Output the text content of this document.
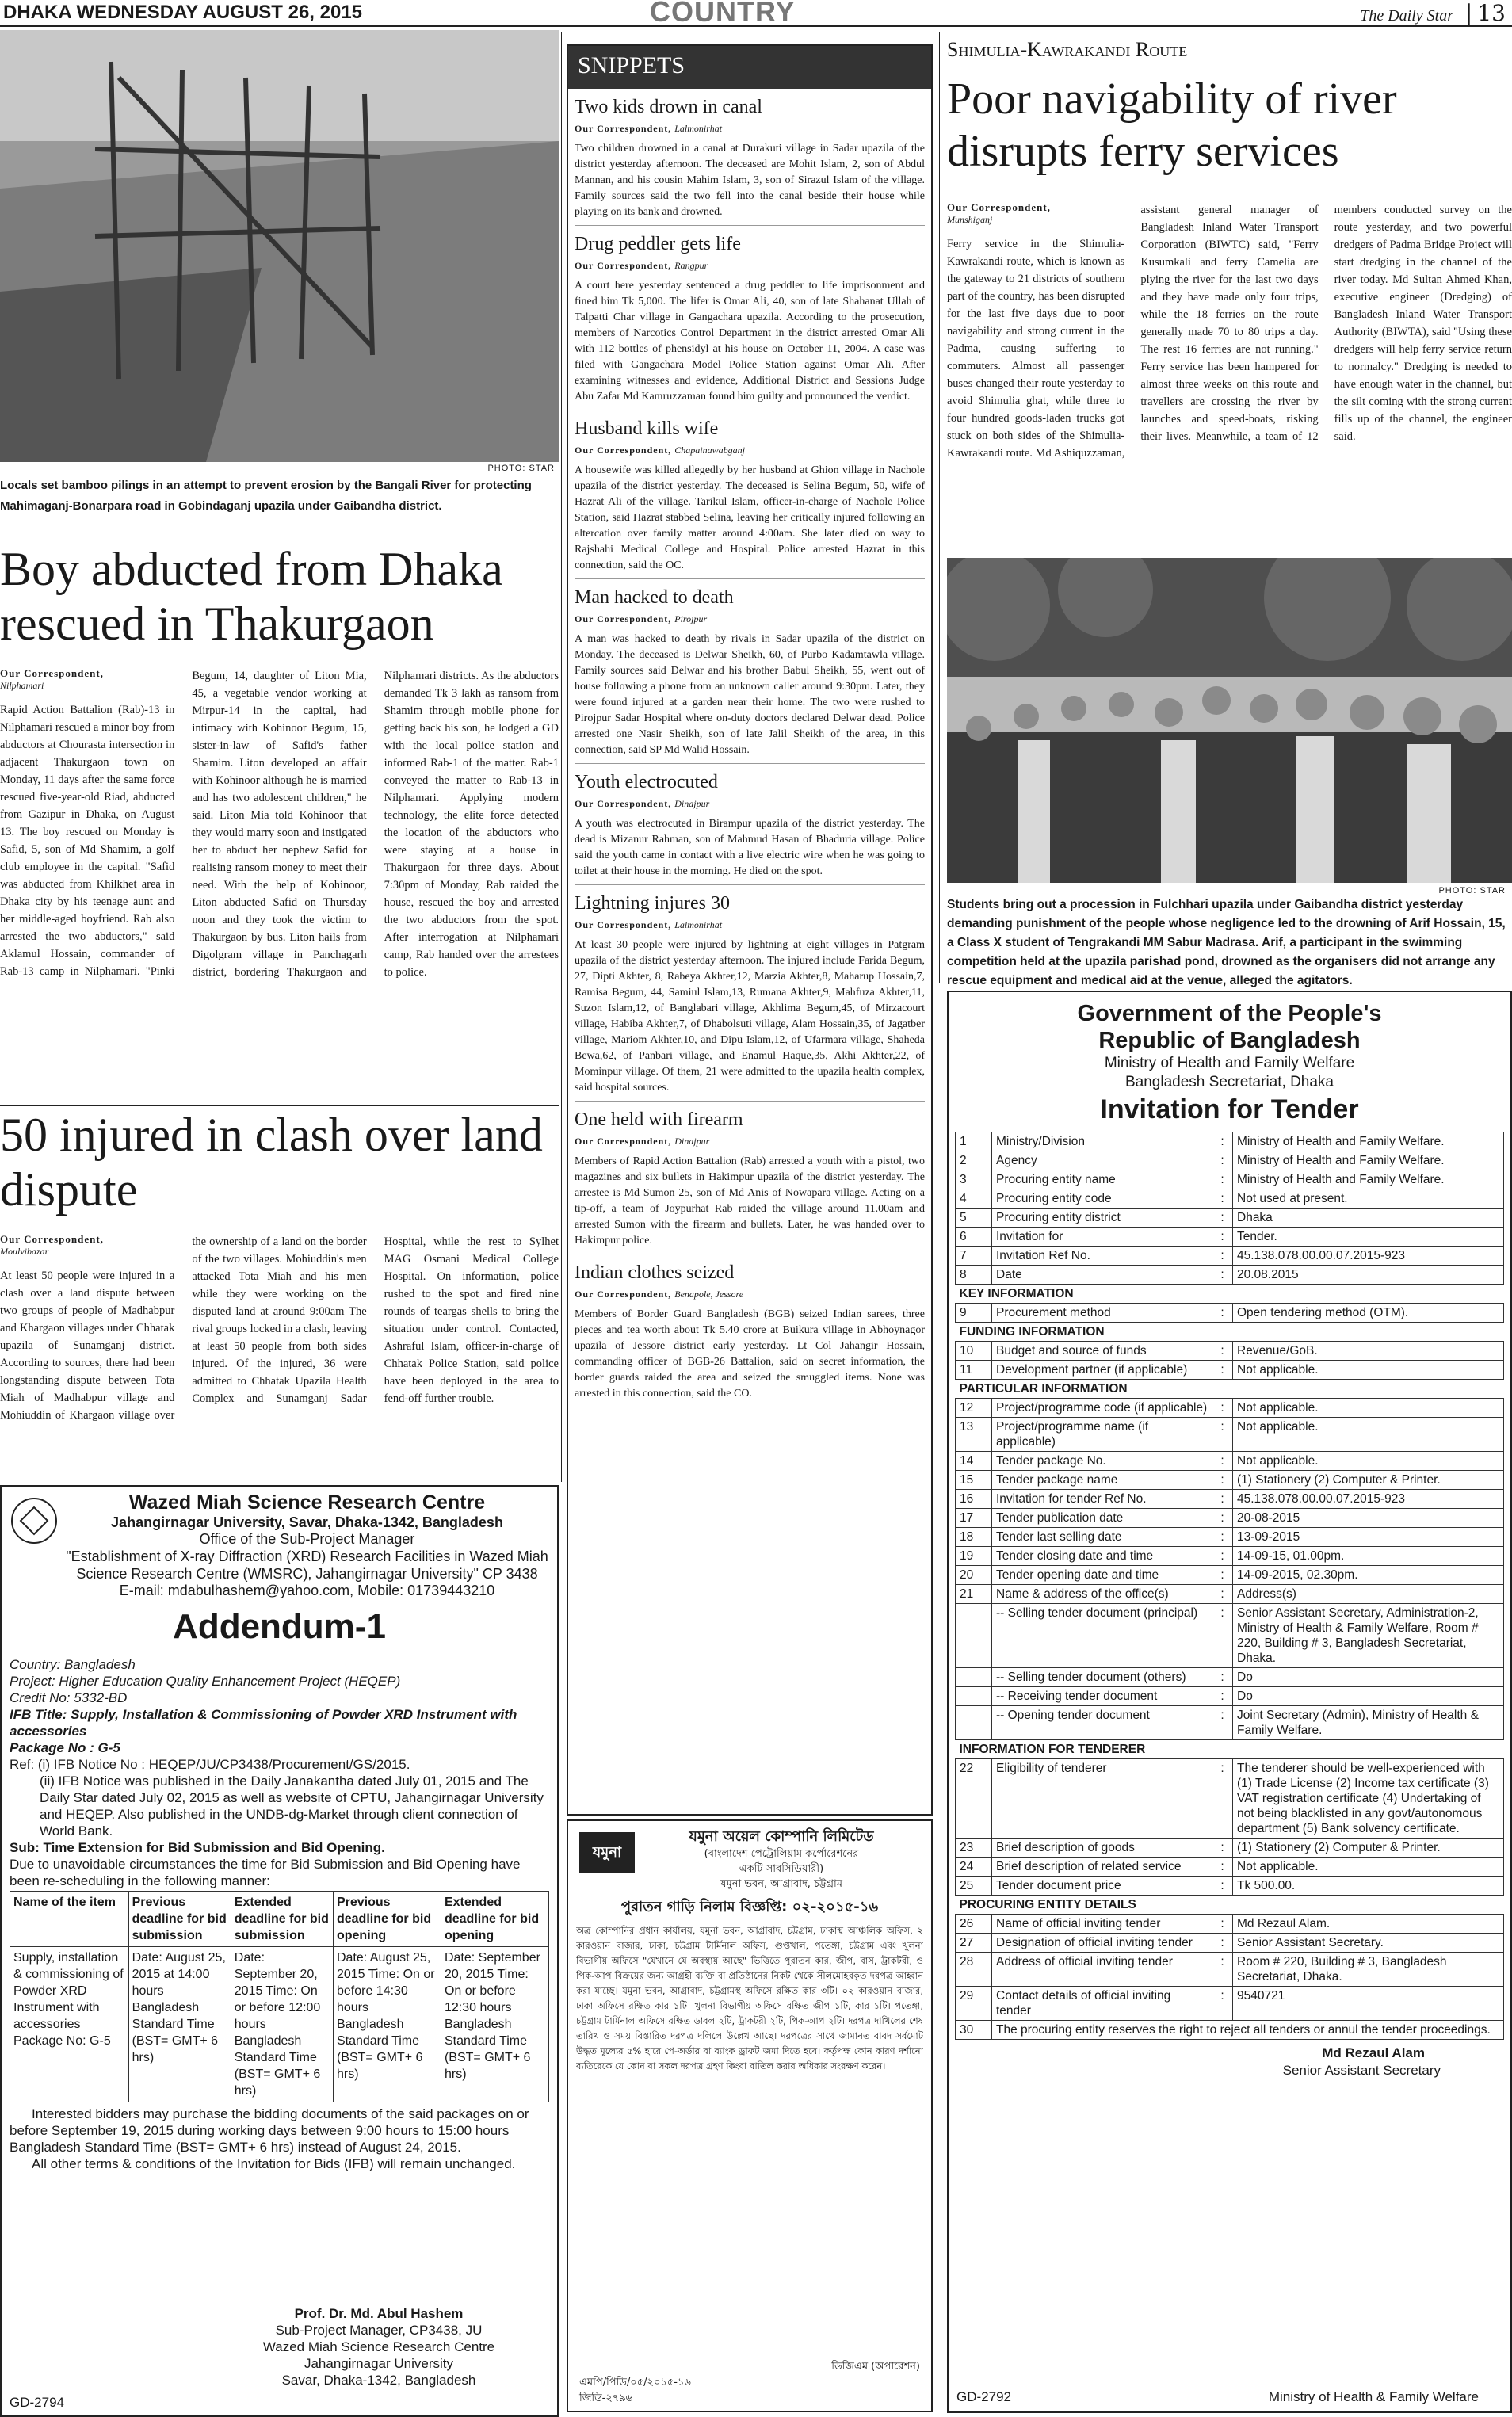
DHAKA WEDNESDAY AUGUST 26, 2015	COUNTRY	The Daily Star | 13
PHOTO: STAR
Locals set bamboo pilings in an attempt to prevent erosion by the Bangali River for protecting Mahimaganj-Bonarpara road in Gobindaganj upazila under Gaibandha district.
Boy abducted from Dhaka rescued in Thakurgaon
Our Correspondent,
Nilphamari
Rapid Action Battalion (Rab)-13 in Nilphamari rescued a minor boy from abductors at Chourasta intersection in adjacent Thakurgaon town on Monday, 11 days after the same force rescued five-year-old Riad, abducted from Gazipur in Dhaka, on August 13. The boy rescued on Monday is Safid, 5, son of Md Shamim, a golf club employee in the capital. "Safid was abducted from Khilkhet area in Dhaka city by his teenage aunt and her middle-aged boyfriend. Rab also arrested the two abductors," said Aklamul Hossain, commander of Rab-13 camp in Nilphamari. "Pinki Begum, 14, daughter of Liton Mia, 45, a vegetable vendor working at Mirpur-14 in the capital, had intimacy with Kohinoor Begum, 15, sister-in-law of Safid's father Shamim. Liton developed an affair with Kohinoor although he is married and has two adolescent children," he said. Liton Mia told Kohinoor that they would marry soon and instigated her to abduct her nephew Safid for realising ransom money to meet their need. With the help of Kohinoor, Liton abducted Safid on Thursday noon and they took the victim to Thakurgaon by bus. Liton hails from Digolgram village in Panchagarh district, bordering Thakurgaon and Nilphamari districts. As the abductors demanded Tk 3 lakh as ransom from Shamim through mobile phone for getting back his son, he lodged a GD with the local police station and informed Rab-1 of the matter. Rab-1 conveyed the matter to Rab-13 in Nilphamari. Applying modern technology, the elite force detected the location of the abductors who were staying at a house in Thakurgaon for three days. About 7:30pm of Monday, Rab raided the house, rescued the boy and arrested the two abductors from the spot. After interrogation at Nilphamari camp, Rab handed over the arrestees to police.
50 injured in clash over land dispute
Our Correspondent,
Moulvibazar
At least 50 people were injured in a clash over a land dispute between two groups of people of Madhabpur and Khargaon villages under Chhatak upazila of Sunamganj district. According to sources, there had been longstanding dispute between Tota Miah of Madhabpur village and Mohiuddin of Khargaon village over the ownership of a land on the border of the two villages. Mohiuddin's men attacked Tota Miah and his men while they were working on the disputed land at around 9:00am The rival groups locked in a clash, leaving at least 50 people from both sides injured. Of the injured, 36 were admitted to Chhatak Upazila Health Complex and Sunamganj Sadar Hospital, while the rest to Sylhet MAG Osmani Medical College Hospital. On information, police rushed to the spot and fired nine rounds of teargas shells to bring the situation under control. Contacted, Ashraful Islam, officer-in-charge of Chhatak Police Station, said police have been deployed in the area to fend-off further trouble.
Wazed Miah Science Research Centre
Jahangirnagar University, Savar, Dhaka-1342, Bangladesh
Office of the Sub-Project Manager
"Establishment of X-ray Diffraction (XRD) Research Facilities in Wazed Miah Science Research Centre (WMSRC), Jahangirnagar University" CP 3438
E-mail: mdabulhashem@yahoo.com, Mobile: 01739443210
Addendum-1
Country: Bangladesh
Project: Higher Education Quality Enhancement Project (HEQEP)
Credit No: 5332-BD
IFB Title: Supply, Installation & Commissioning of Powder XRD Instrument with accessories
Package No : G-5
Ref: (i) IFB Notice No : HEQEP/JU/CP3438/Procurement/GS/2015.
(ii) IFB Notice was published in the Daily Janakantha dated July 01, 2015 and The Daily Star dated July 02, 2015 as well as website of CPTU, Jahangirnagar University and HEQEP. Also published in the UNDB-dg-Market through client connection of World Bank.
Sub: Time Extension for Bid Submission and Bid Opening.
Due to unavoidable circumstances the time for Bid Submission and Bid Opening have been re-scheduling in the following manner:
Name of the item	Previous deadline for bid submission	Extended deadline for bid submission	Previous deadline for bid opening	Extended deadline for bid opening
Supply, installation & commissioning of Powder XRD Instrument with accessories Package No: G-5	Date: August 25, 2015 at 14:00 hours Bangladesh Standard Time (BST= GMT+ 6 hrs)	Date: September 20, 2015 Time: On or before 12:00 hours Bangladesh Standard Time (BST= GMT+ 6 hrs)	Date: August 25, 2015 Time: On or before 14:30 hours Bangladesh Standard Time (BST= GMT+ 6 hrs)	Date: September 20, 2015 Time: On or before 12:30 hours Bangladesh Standard Time (BST= GMT+ 6 hrs)
Interested bidders may purchase the bidding documents of the said packages on or before September 19, 2015 during working days between 9:00 hours to 15:00 hours Bangladesh Standard Time (BST= GMT+ 6 hrs) instead of August 24, 2015.
All other terms & conditions of the Invitation for Bids (IFB) will remain unchanged.
Prof. Dr. Md. Abul Hashem
Sub-Project Manager, CP3438, JU
Wazed Miah Science Research Centre
Jahangirnagar University
Savar, Dhaka-1342, Bangladesh
GD-2794
SNIPPETS
Two kids drown in canal
Our Correspondent, Lalmonirhat
Two children drowned in a canal at Durakuti village in Sadar upazila of the district yesterday afternoon. The deceased are Mohit Islam, 2, son of Abdul Mannan, and his cousin Mahim Islam, 3, son of Sirazul Islam of the village. Family sources said the two fell into the canal beside their house while playing on its bank and drowned.
Drug peddler gets life
Our Correspondent, Rangpur
A court here yesterday sentenced a drug peddler to life imprisonment and fined him Tk 5,000. The lifer is Omar Ali, 40, son of late Shahanat Ullah of Talpatti Char village in Gangachara upazila. According to the prosecution, members of Narcotics Control Department in the district arrested Omar Ali with 112 bottles of phensidyl at his house on October 11, 2004. A case was filed with Gangachara Model Police Station against Omar Ali. After examining witnesses and evidence, Additional District and Sessions Judge Abu Zafar Md Kamruzzaman found him guilty and pronounced the verdict.
Husband kills wife
Our Correspondent, Chapainawabganj
A housewife was killed allegedly by her husband at Ghion village in Nachole upazila of the district yesterday. The deceased is Selina Begum, 50, wife of Hazrat Ali of the village. Tarikul Islam, officer-in-charge of Nachole Police Station, said Hazrat stabbed Selina, leaving her critically injured following an altercation over family matter around 4:00am. She later died on way to Rajshahi Medical College and Hospital. Police arrested Hazrat in this connection, said the OC.
Man hacked to death
Our Correspondent, Pirojpur
A man was hacked to death by rivals in Sadar upazila of the district on Monday. The deceased is Delwar Sheikh, 60, of Purbo Kadamtawla village. Family sources said Delwar and his brother Babul Sheikh, 55, went out of house following a phone from an unknown caller around 9:30pm. Later, they were found injured at a garden near their home. The two were rushed to Pirojpur Sadar Hospital where on-duty doctors declared Delwar dead. Police arrested one Nasir Sheikh, son of late Jalil Sheikh of the area, in this connection, said SP Md Walid Hossain.
Youth electrocuted
Our Correspondent, Dinajpur
A youth was electrocuted in Birampur upazila of the district yesterday. The dead is Mizanur Rahman, son of Mahmud Hasan of Bhaduria village. Police said the youth came in contact with a live electric wire when he was going to toilet at their house in the morning. He died on the spot.
Lightning injures 30
Our Correspondent, Lalmonirhat
At least 30 people were injured by lightning at eight villages in Patgram upazila of the district yesterday afternoon. The injured include Farida Begum, 27, Dipti Akhter, 8, Rabeya Akhter,12, Marzia Akhter,8, Maharup Hossain,7, Ramisa Begum, 44, Samiul Islam,13, Rumana Akhter,9, Mahfuza Akhter,11, Suzon Islam,12, of Banglabari village, Akhlima Begum,45, of Mirzacourt village, Habiba Akhter,7, of Dhabolsuti village, Alam Hossain,35, of Jagatber village, Mariom Akhter,10, and Dipu Islam,12, of Ufarmara village, Shaheda Bewa,62, of Panbari village, and Enamul Haque,35, Akhi Akhter,22, of Mominpur village. Of them, 21 were admitted to the upazila health complex, said hospital sources.
One held with firearm
Our Correspondent, Dinajpur
Members of Rapid Action Battalion (Rab) arrested a youth with a pistol, two magazines and six bullets in Hakimpur upazila of the district yesterday. The arrestee is Md Sumon 25, son of Md Anis of Nowapara village. Acting on a tip-off, a team of Joypurhat Rab raided the village around 11.00am and arrested Sumon with the firearm and bullets. Later, he was handed over to Hakimpur police.
Indian clothes seized
Our Correspondent, Benapole, Jessore
Members of Border Guard Bangladesh (BGB) seized Indian sarees, three pieces and tea worth about Tk 5.40 crore at Buikura village in Abhoynagor upazila of Jessore district early yesterday. Lt Col Jahangir Hossain, commanding officer of BGB-26 Battalion, said on secret information, the border guards raided the area and seized the smuggled items. None was arrested in this connection, said the CO.
যমুনা
যমুনা অয়েল কোম্পানি লিমিটেড
(বাংলাদেশ পেট্রোলিয়াম কর্পোরেশনের
একটি সাবসিডিয়ারী)
যমুনা ভবন, আগ্রাবাদ, চট্টগ্রাম
পুরাতন গাড়ি নিলাম বিজ্ঞপ্তি: ০২-২০১৫-১৬
অত্র কোম্পানির প্রধান কার্যালয়, যমুনা ভবন, আগ্রাবাদ, চট্টগ্রাম, ঢাকাস্থ আঞ্চলিক অফিস, ২ কারওয়ান বাজার, ঢাকা, চট্টগ্রাম টার্মিনাল অফিস, গুপ্তখাল, পতেঙ্গা, চট্টগ্রাম এবং খুলনা বিভাগীয় অফিসে "যেখানে যে অবস্থায় আছে" ভিত্তিতে পুরাতন কার, জীপ, বাস, ট্রাকটরী, ও পিক-আপ বিক্রয়ের জন্য আগ্রহী ব্যক্তি বা প্রতিষ্ঠানের নিকট থেকে সীলমোহরকৃত দরপত্র আহ্বান করা যাচ্ছে। যমুনা ভবন, আগ্রাবাদ, চট্টগ্রামস্থ অফিসে রক্ষিত কার ৩টি। ০২ কারওয়ান বাজার, ঢাকা অফিসে রক্ষিত কার ১টি। খুলনা বিভাগীয় অফিসে রক্ষিত জীপ ১টি, কার ১টি। পতেঙ্গা, চট্টগ্রাম টার্মিনাল অফিসে রক্ষিত ডাবল ২টি, ট্রাকটরী ২টি, পিক-আপ ২টি। দরপত্র দাখিলের শেষ তারিখ ও সময় বিস্তারিত দরপত্র দলিলে উল্লেখ আছে। দরপত্রের সাথে জামানত বাবদ সর্বমোট উদ্ধৃত মূল্যের ৫% হারে পে-অর্ডার বা ব্যাংক ড্রাফট জমা দিতে হবে। কর্তৃপক্ষ কোন কারণ দর্শানো ব্যতিরেকে যে কোন বা সকল দরপত্র গ্রহণ কিংবা বাতিল করার অধিকার সংরক্ষণ করেন।
ডিজিএম (অপারেশন)
এমপি/পিডি/০৫/২০১৫-১৬
জিডি-২৭৯৬
Shimulia-Kawrakandi Route
Poor navigability of river disrupts ferry services
Our Correspondent,
Munshiganj
Ferry service in the Shimulia-Kawrakandi route, which is known as the gateway to 21 districts of southern part of the country, has been disrupted for the last five days due to poor navigability and strong current in the Padma, causing suffering to commuters. Almost all passenger buses changed their route yesterday to avoid Shimulia ghat, while three to four hundred goods-laden trucks got stuck on both sides of the Shimulia-Kawrakandi route. Md Ashiquzzaman, assistant general manager of Bangladesh Inland Water Transport Corporation (BIWTC) said, "Ferry Kusumkali and ferry Camelia are plying the river for the last two days and they have made only four trips, while the 18 ferries on the route generally made 70 to 80 trips a day. The rest 16 ferries are not running." Ferry service has been hampered for almost three weeks on this route and travellers are crossing the river by launches and speed-boats, risking their lives. Meanwhile, a team of 12 members conducted survey on the route yesterday, and two powerful dredgers of Padma Bridge Project will start dredging in the channel of the river today. Md Sultan Ahmed Khan, executive engineer (Dredging) of Bangladesh Inland Water Transport Authority (BIWTA), said "Using these dredgers will help ferry service return to normalcy." Dredging is needed to have enough water in the channel, but the silt coming with the strong current fills up of the channel, the engineer said.
PHOTO: STAR
Students bring out a procession in Fulchhari upazila under Gaibandha district yesterday demanding punishment of the people whose negligence led to the drowning of Arif Hossain, 15, a Class X student of Tengrakandi MM Sabur Madrasa. Arif, a participant in the swimming competition held at the upazila parishad pond, drowned as the organisers did not arrange any rescue equipment and medical aid at the venue, alleged the agitators.
Government of the People's
Republic of Bangladesh
Ministry of Health and Family Welfare
Bangladesh Secretariat, Dhaka
Invitation for Tender
1	Ministry/Division	:	Ministry of Health and Family Welfare.
2	Agency	:	Ministry of Health and Family Welfare.
3	Procuring entity name	:	Ministry of Health and Family Welfare.
4	Procuring entity code	:	Not used at present.
5	Procuring entity district	:	Dhaka
6	Invitation for	:	Tender.
7	Invitation Ref No.	:	45.138.078.00.00.07.2015-923
8	Date	:	20.08.2015
KEY INFORMATION			
9	Procurement method	:	Open tendering method (OTM).
FUNDING INFORMATION			
10	Budget and source of funds	:	Revenue/GoB.
11	Development partner (if applicable)	:	Not applicable.
PARTICULAR INFORMATION			
12	Project/programme code (if applicable)	:	Not applicable.
13	Project/programme name (if applicable)	:	Not applicable.
14	Tender package No.	:	Not applicable.
15	Tender package name	:	(1) Stationery (2) Computer & Printer.
16	Invitation for tender Ref No.	:	45.138.078.00.00.07.2015-923
17	Tender publication date	:	20-08-2015
18	Tender last selling date	:	13-09-2015
19	Tender closing date and time	:	14-09-15, 01.00pm.
20	Tender opening date and time	:	14-09-2015, 02.30pm.
21	Name & address of the office(s)	:	Address(s)
	-- Selling tender document (principal)	:	Senior Assistant Secretary, Administration-2, Ministry of Health & Family Welfare, Room # 220, Building # 3, Bangladesh Secretariat, Dhaka.
	-- Selling tender document (others)	:	Do
	-- Receiving tender document	:	Do
	-- Opening tender document	:	Joint Secretary (Admin), Ministry of Health & Family Welfare.
INFORMATION FOR TENDERER			
22	Eligibility of tenderer	:	The tenderer should be well-experienced with (1) Trade License (2) Income tax certificate (3) VAT registration certificate (4) Undertaking of not being blacklisted in any govt/autonomous department (5) Bank solvency certificate.
23	Brief description of goods	:	(1) Stationery (2) Computer & Printer.
24	Brief description of related service	:	Not applicable.
25	Tender document price	:	Tk 500.00.
PROCURING ENTITY DETAILS			
26	Name of official inviting tender	:	Md Rezaul Alam.
27	Designation of official inviting tender	:	Senior Assistant Secretary.
28	Address of official inviting tender	:	Room # 220, Building # 3, Bangladesh Secretariat, Dhaka.
29	Contact details of official inviting tender	:	9540721
30	The procuring entity reserves the right to reject all tenders or annul the tender proceedings.		
Md Rezaul Alam
Senior Assistant Secretary
GD-2792	Ministry of Health & Family Welfare
